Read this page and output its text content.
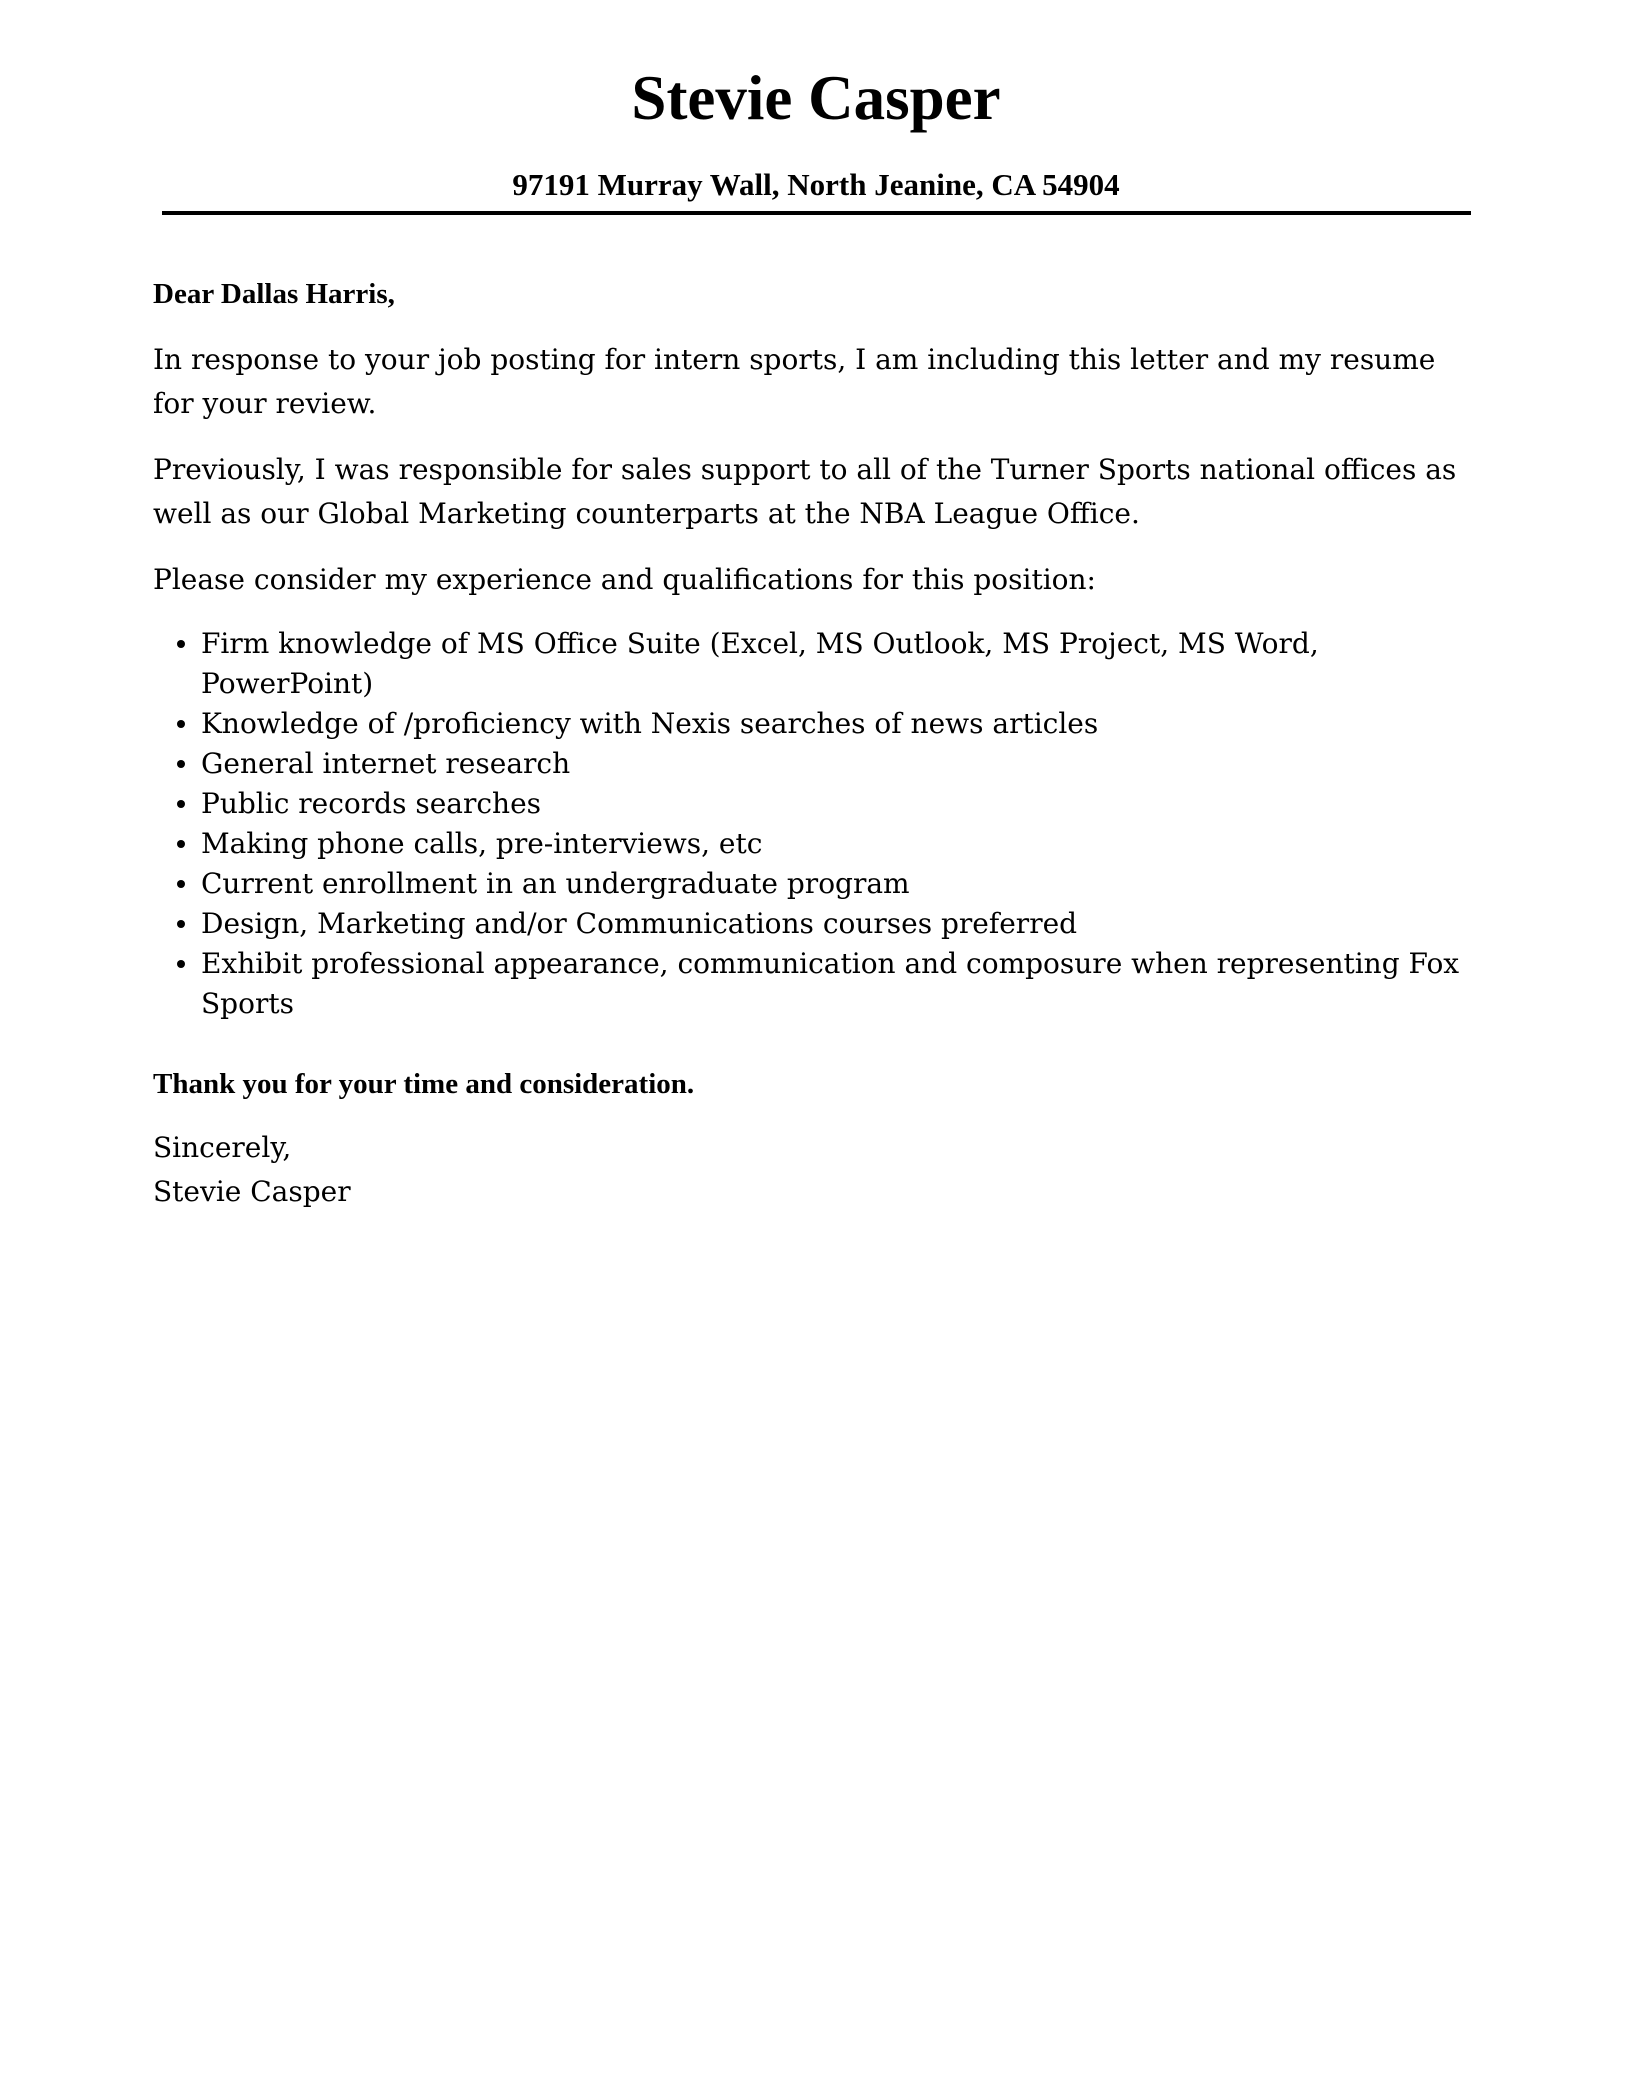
Stevie Casper
97191 Murray Wall, North Jeanine, CA 54904

Dear Dallas Harris,

In response to your job posting for intern sports, I am including this letter and my resume for your review.

Previously, I was responsible for sales support to all of the Turner Sports national offices as well as our Global Marketing counterparts at the NBA League Office.

Please consider my experience and qualifications for this position:

Firm knowledge of MS Office Suite (Excel, MS Outlook, MS Project, MS Word, PowerPoint)
Knowledge of /proficiency with Nexis searches of news articles
General internet research
Public records searches
Making phone calls, pre-interviews, etc
Current enrollment in an undergraduate program
Design, Marketing and/or Communications courses preferred
Exhibit professional appearance, communication and composure when representing Fox Sports

Thank you for your time and consideration.

Sincerely,

Stevie Casper
